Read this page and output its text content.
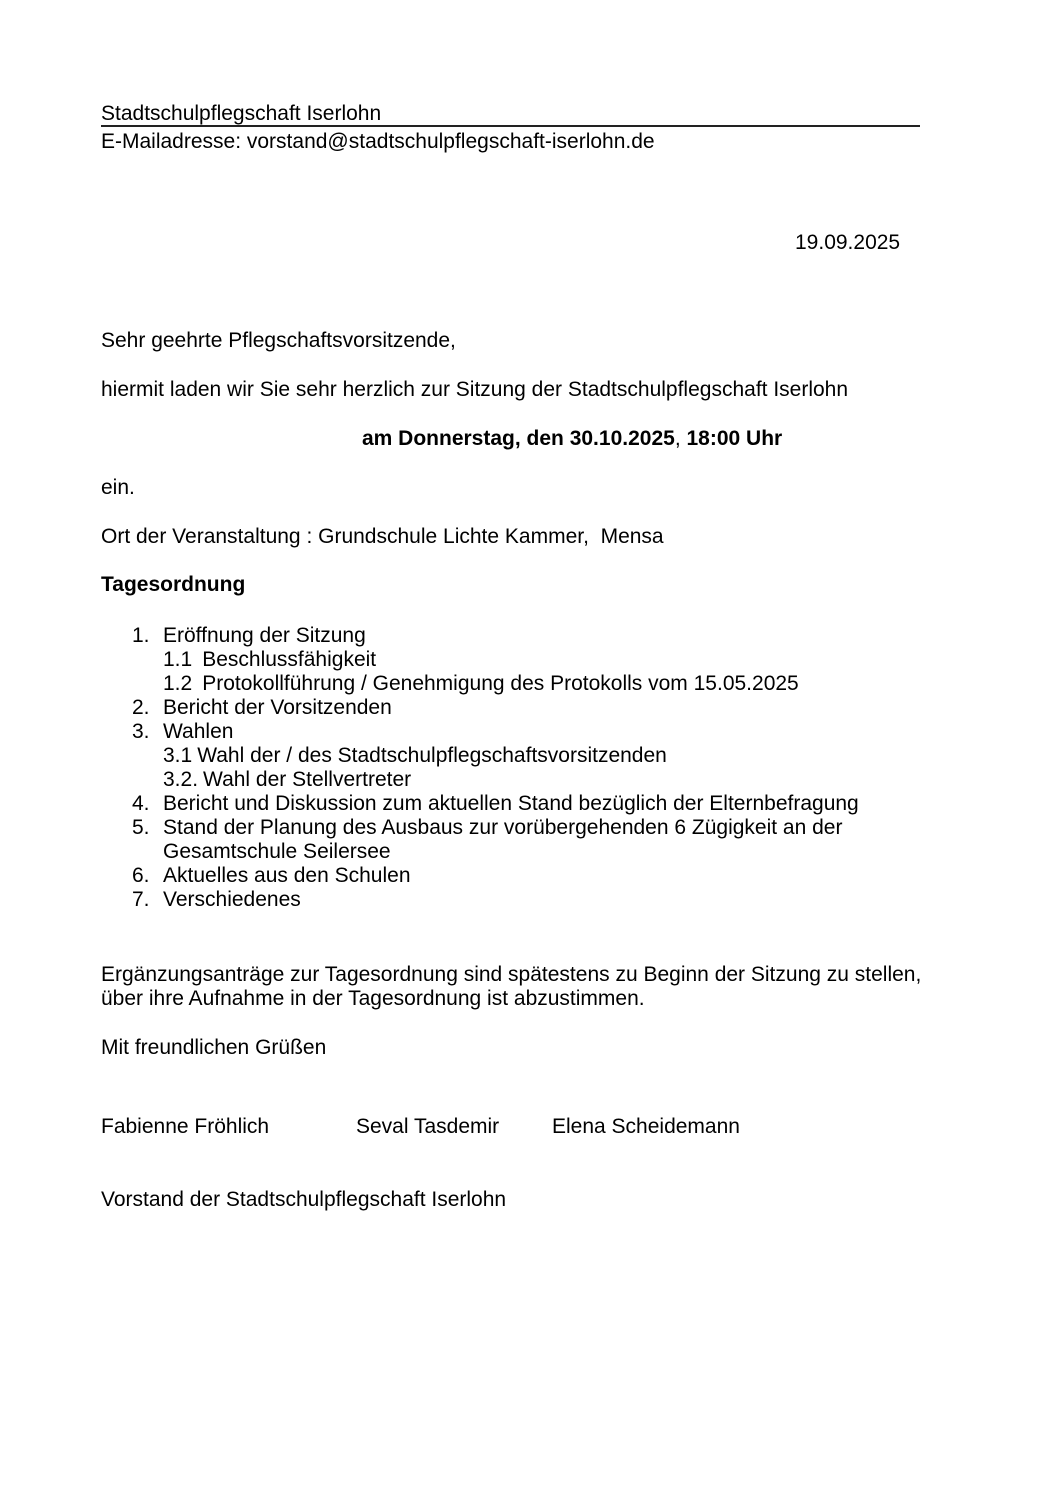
Stadtschulpflegschaft Iserlohn
E-Mailadresse: vorstand@stadtschulpflegschaft-iserlohn.de
19.09.2025
Sehr geehrte Pflegschaftsvorsitzende,
hiermit laden wir Sie sehr herzlich zur Sitzung der Stadtschulpflegschaft Iserlohn
am Donnerstag, den 30.10.2025, 18:00 Uhr
ein.
Ort der Veranstaltung : Grundschule Lichte Kammer,  Mensa
Tagesordnung
1. Eröffnung der Sitzung
1.1 Beschlussfähigkeit
1.2 Protokollführung / Genehmigung des Protokolls vom 15.05.2025
2. Bericht der Vorsitzenden
3. Wahlen
3.1 Wahl der / des Stadtschulpflegschaftsvorsitzenden
3.2. Wahl der Stellvertreter
4. Bericht und Diskussion zum aktuellen Stand bezüglich der Elternbefragung
5. Stand der Planung des Ausbaus zur vorübergehenden 6 Zügigkeit an der Gesamtschule Seilersee
6. Aktuelles aus den Schulen
7. Verschiedenes
Ergänzungsanträge zur Tagesordnung sind spätestens zu Beginn der Sitzung zu stellen, über ihre Aufnahme in der Tagesordnung ist abzustimmen.
Mit freundlichen Grüßen
Fabienne Fröhlich	Seval Tasdemir	Elena Scheidemann
Vorstand der Stadtschulpflegschaft Iserlohn
